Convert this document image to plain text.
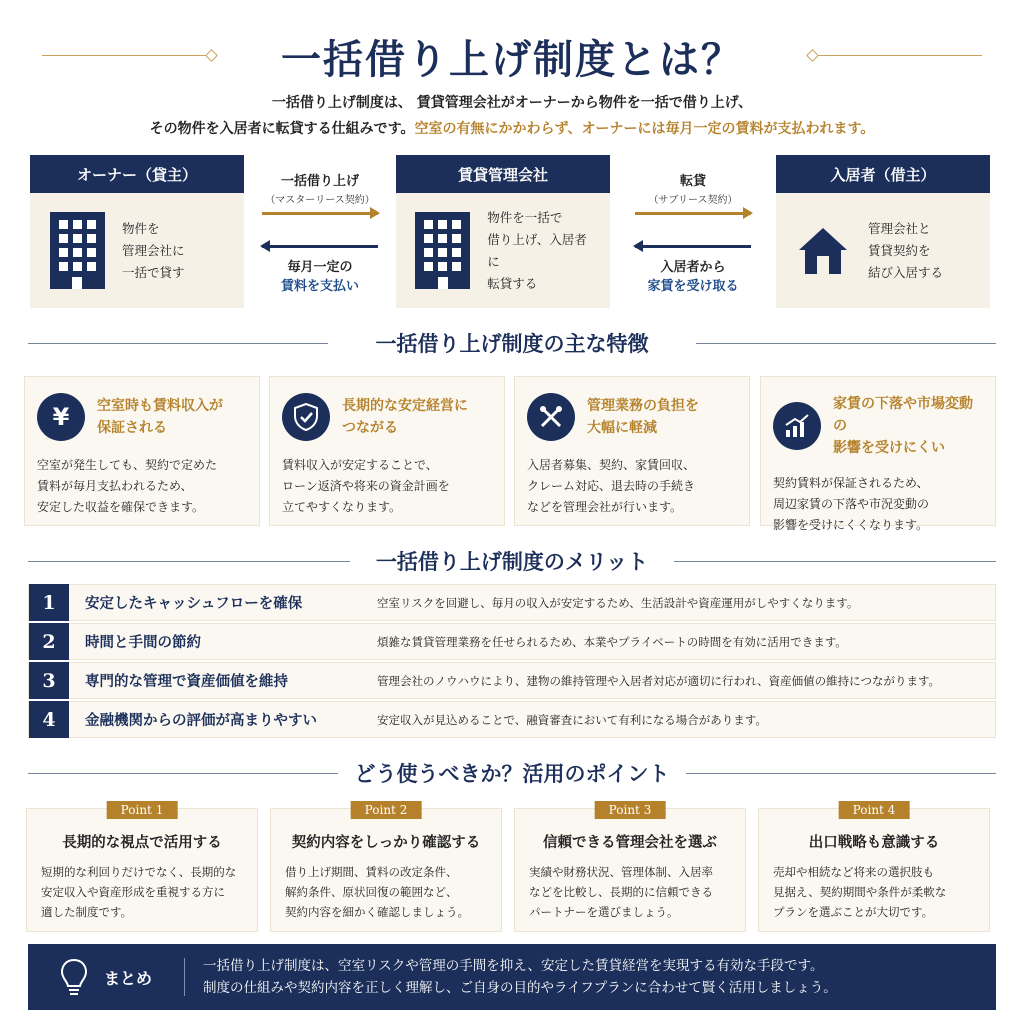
一括借り上げ制度とは？
一括借り上げ制度は、 賃貸管理会社がオーナーから物件を一括で借り上げ、
その物件を入居者に転貸する仕組みです。空室の有無にかかわらず、オーナーには毎月一定の賃料が支払われます。
オーナー（貸主）
物件を
管理会社に
一括で貸す
一括借り上げ
（マスターリース契約）
毎月一定の
賃料を支払い
賃貸管理会社
物件を一括で
借り上げ、入居者に
転貸する
転貸
（サブリース契約）
入居者から
家賃を受け取る
入居者（借主）
管理会社と
賃貸契約を
結び入居する
一括借り上げ制度の主な特徴
¥	空室時も賃料収入が
保証される
空室が発生しても、契約で定めた
賃料が毎月支払われるため、
安定した収益を確保できます。
長期的な安定経営に
つながる
賃料収入が安定することで、
ローン返済や将来の資金計画を
立てやすくなります。
管理業務の負担を
大幅に軽減
入居者募集、契約、家賃回収、
クレーム対応、退去時の手続き
などを管理会社が行います。
家賃の下落や市場変動の
影響を受けにくい
契約賃料が保証されるため、
周辺家賃の下落や市況変動の
影響を受けにくくなります。
一括借り上げ制度のメリット
1	安定したキャッシュフローを確保	空室リスクを回避し、毎月の収入が安定するため、生活設計や資産運用がしやすくなります。
2	時間と手間の節約	煩雑な賃貸管理業務を任せられるため、本業やプライベートの時間を有効に活用できます。
3	専門的な管理で資産価値を維持	管理会社のノウハウにより、建物の維持管理や入居者対応が適切に行われ、資産価値の維持につながります。
4	金融機関からの評価が高まりやすい	安定収入が見込めることで、融資審査において有利になる場合があります。
どう使うべきか？活用のポイント
Point 1
長期的な視点で活用する
短期的な利回りだけでなく、長期的な
安定収入や資産形成を重視する方に
適した制度です。
Point 2
契約内容をしっかり確認する
借り上げ期間、賃料の改定条件、
解約条件、原状回復の範囲など、
契約内容を細かく確認しましょう。
Point 3
信頼できる管理会社を選ぶ
実績や財務状況、管理体制、入居率
などを比較し、長期的に信頼できる
パートナーを選びましょう。
Point 4
出口戦略も意識する
売却や相続など将来の選択肢も
見据え、契約期間や条件が柔軟な
プランを選ぶことが大切です。
まとめ
一括借り上げ制度は、空室リスクや管理の手間を抑え、安定した賃貸経営を実現する有効な手段です。
制度の仕組みや契約内容を正しく理解し、ご自身の目的やライフプランに合わせて賢く活用しましょう。
